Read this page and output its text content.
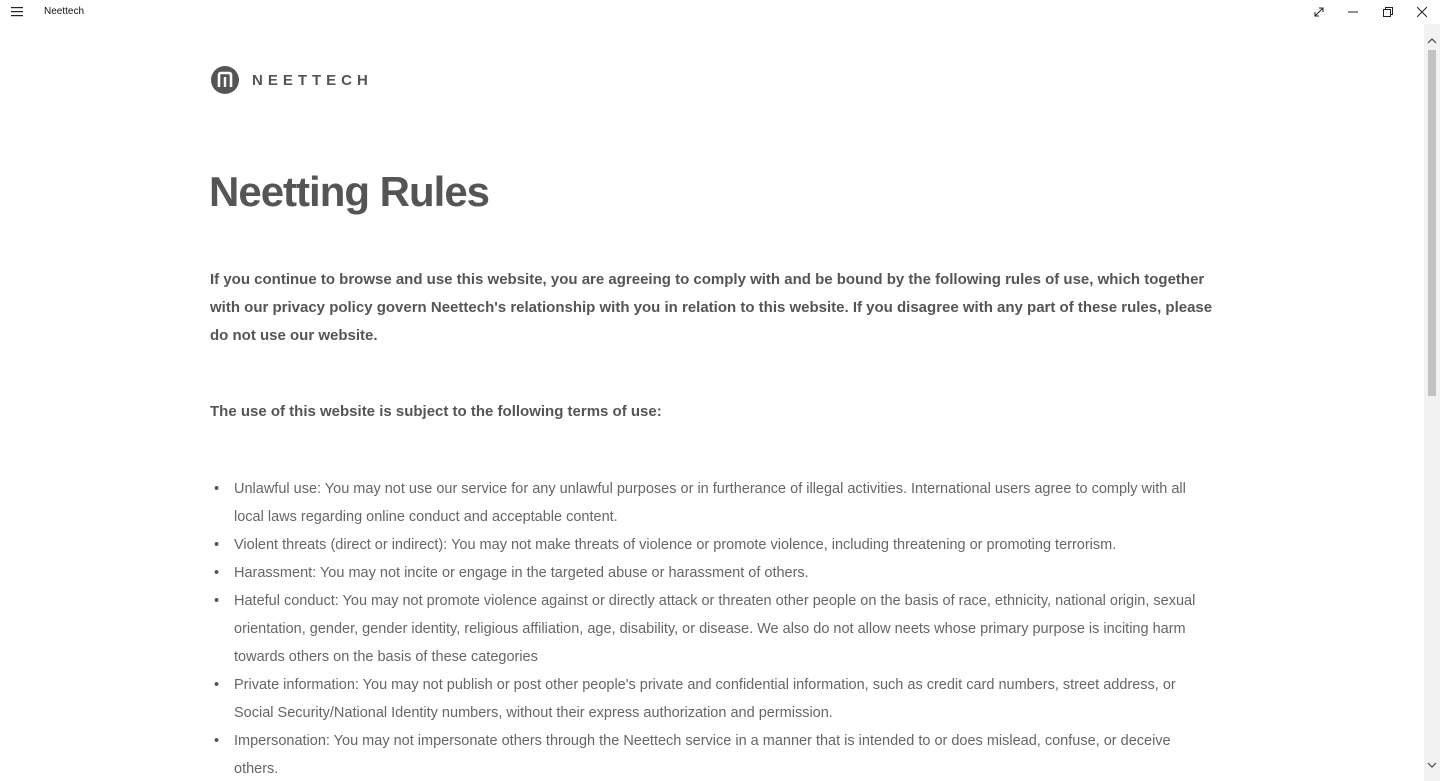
Neettech
NEETTECH
Neetting Rules

If you continue to browse and use this website, you are agreeing to comply with and be bound by the following rules of use, which together with our privacy policy govern Neettech's relationship with you in relation to this website. If you disagree with any part of these rules, please do not use our website.

The use of this website is subject to the following terms of use:

• Unlawful use: You may not use our service for any unlawful purposes or in furtherance of illegal activities. International users agree to comply with all local laws regarding online conduct and acceptable content.
• Violent threats (direct or indirect): You may not make threats of violence or promote violence, including threatening or promoting terrorism.
• Harassment: You may not incite or engage in the targeted abuse or harassment of others.
• Hateful conduct: You may not promote violence against or directly attack or threaten other people on the basis of race, ethnicity, national origin, sexual orientation, gender, gender identity, religious affiliation, age, disability, or disease. We also do not allow neets whose primary purpose is inciting harm towards others on the basis of these categories
• Private information: You may not publish or post other people's private and confidential information, such as credit card numbers, street address, or Social Security/National Identity numbers, without their express authorization and permission.
• Impersonation: You may not impersonate others through the Neettech service in a manner that is intended to or does mislead, confuse, or deceive others.
